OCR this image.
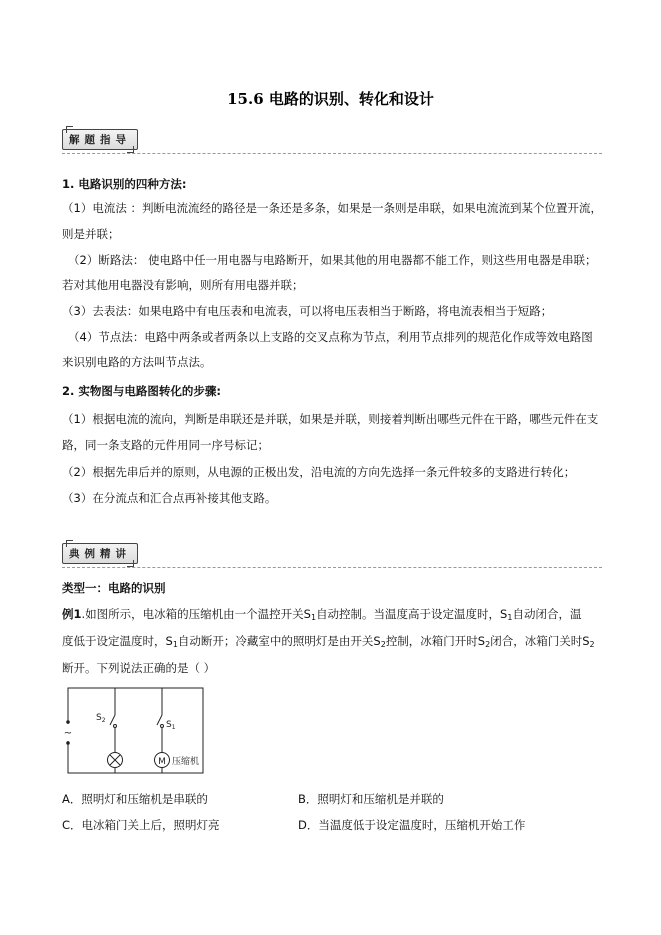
15.6 电路的识别、转化和设计
解题指导
1. 电路识别的四种方法:
（1）电流法 ：判断电流流经的路径是一条还是多条，如果是一条则是串联，如果电流流到某个位置开流，
则是并联；
（2）断路法： 使电路中任一用电器与电路断开，如果其他的用电器都不能工作，则这些用电器是串联；
若对其他用电器没有影响，则所有用电器并联；
（3）去表法：如果电路中有电压表和电流表，可以将电压表相当于断路，将电流表相当于短路；
（4）节点法：电路中两条或者两条以上支路的交叉点称为节点，利用节点排列的规范化作成等效电路图
来识别电路的方法叫节点法。
2. 实物图与电路图转化的步骤:
（1）根据电流的流向，判断是串联还是并联，如果是并联，则接着判断出哪些元件在干路，哪些元件在支
路，同一条支路的元件用同一序号标记；
（2）根据先串后并的原则，从电源的正极出发，沿电流的方向先选择一条元件较多的支路进行转化；
（3）在分流点和汇合点再补接其他支路。
典例精讲
类型一：电路的识别
例1.如图所示，电冰箱的压缩机由一个温控开关$S_1$自动控制。当温度高于设定温度时，$S_1$自动闭合，温
度低于设定温度时，$S_1$自动断开；冷藏室中的照明灯是由开关$S_2$控制，冰箱门开时$S_2$闭合，冰箱门关时$S_2$
断开。下列说法正确的是（ ）
M
~
$S_2$	$S_1$
压缩机
A．照明灯和压缩机是串联的	B．照明灯和压缩机是并联的
C．电冰箱门关上后，照明灯亮	D．当温度低于设定温度时，压缩机开始工作
